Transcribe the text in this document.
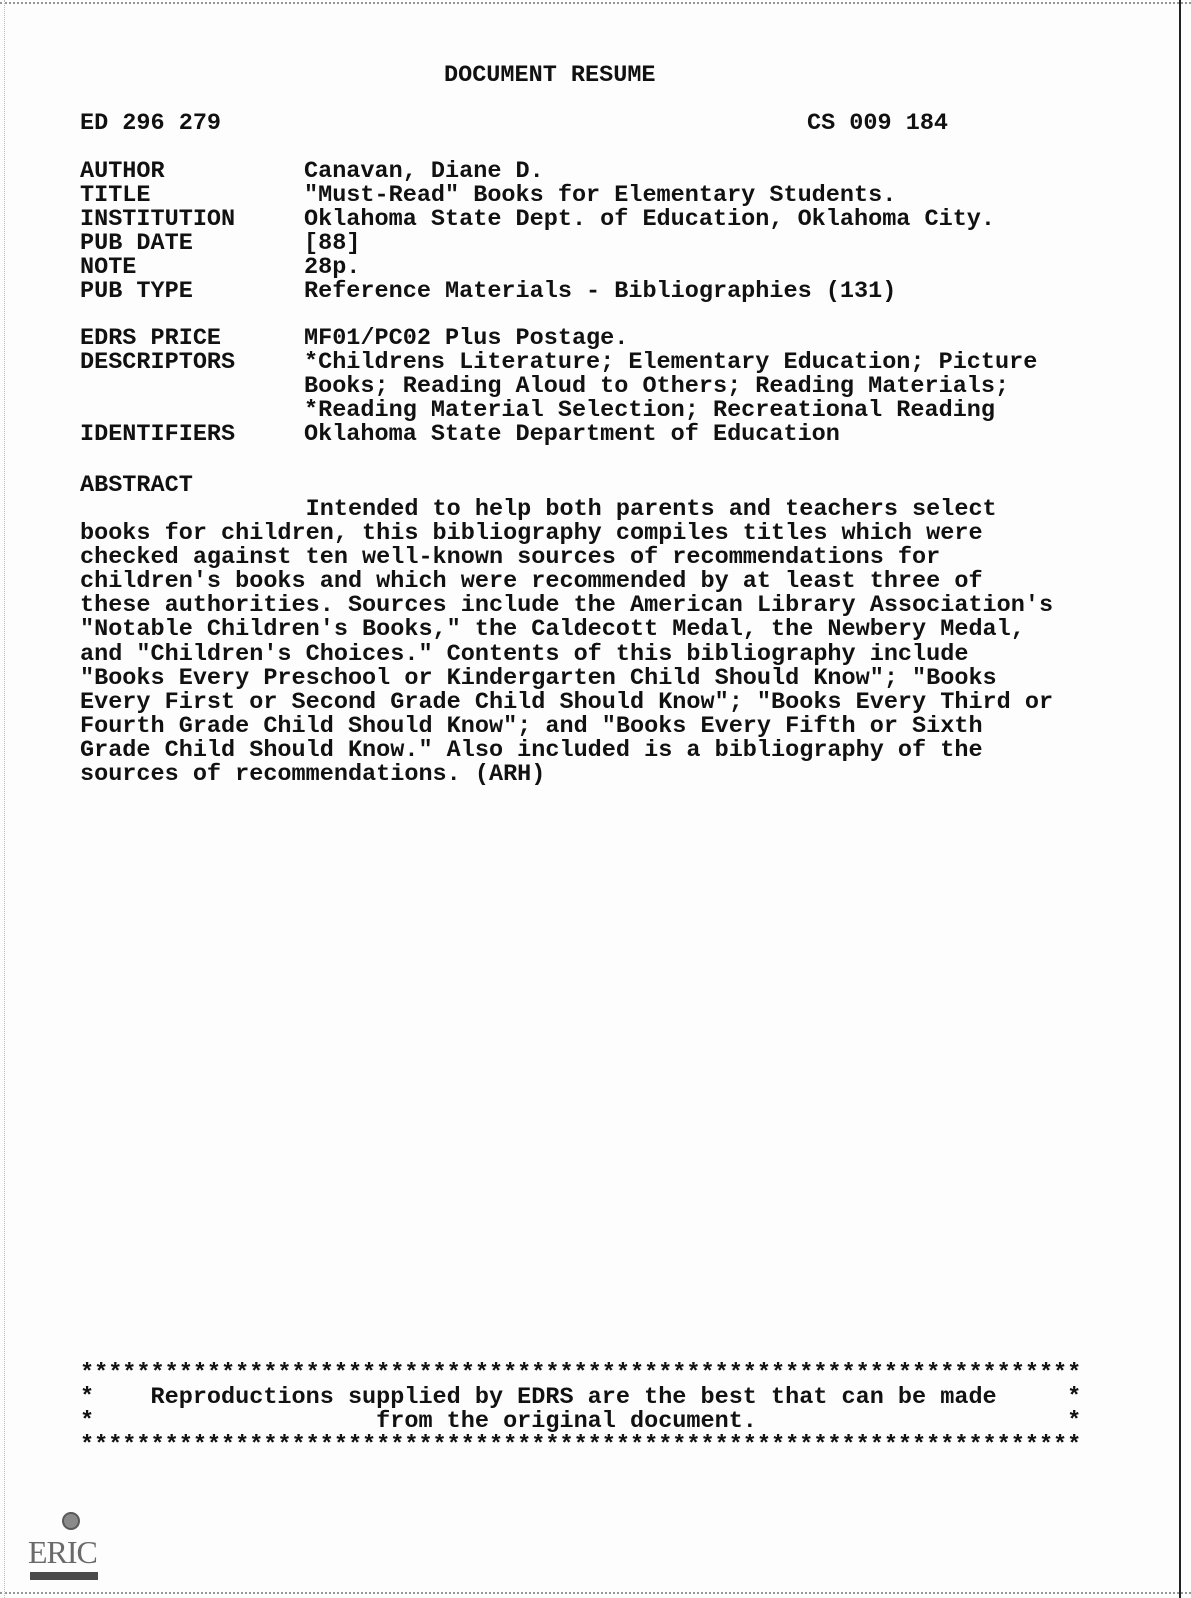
DOCUMENT RESUME
ED 296 279	CS 009 184
AUTHOR	Canavan, Diane D.
TITLE	"Must-Read" Books for Elementary Students.
INSTITUTION	Oklahoma State Dept. of Education, Oklahoma City.
PUB DATE	[88]
NOTE	28p.
PUB TYPE	Reference Materials - Bibliographies (131)
EDRS PRICE	MF01/PC02 Plus Postage.
DESCRIPTORS	*Childrens Literature; Elementary Education; Picture
Books; Reading Aloud to Others; Reading Materials;
*Reading Material Selection; Recreational Reading
IDENTIFIERS	Oklahoma State Department of Education
ABSTRACT
Intended to help both parents and teachers select
books for children, this bibliography compiles titles which were
checked against ten well-known sources of recommendations for
children's books and which were recommended by at least three of
these authorities. Sources include the American Library Association's
"Notable Children's Books," the Caldecott Medal, the Newbery Medal,
and "Children's Choices." Contents of this bibliography include
"Books Every Preschool or Kindergarten Child Should Know"; "Books
Every First or Second Grade Child Should Know"; "Books Every Third or
Fourth Grade Child Should Know"; and "Books Every Fifth or Sixth
Grade Child Should Know." Also included is a bibliography of the
sources of recommendations. (ARH)
***********************************************************************
*    Reproductions supplied by EDRS are the best that can be made     *
*                    from the original document.                      *
***********************************************************************
ERIC
